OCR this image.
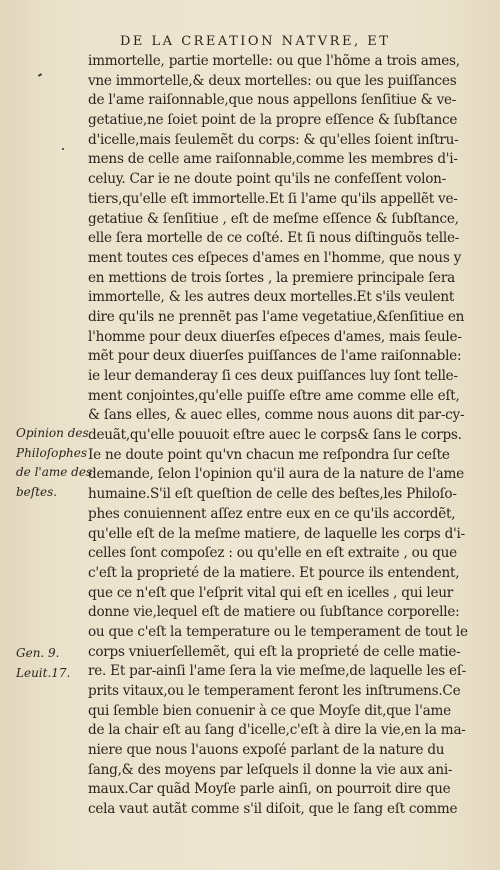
DE LA CREATION NATVRE, ET
immortelle, partie mortelle: ou que l'hõme a trois ames,
vne immortelle,& deux mortelles: ou que les puiſſances
de l'ame raiſonnable,que nous appellons ſenſitiue & ve-
getatiue,ne ſoiet point de la propre eſſence & ſubſtance
d'icelle,mais ſeulemẽt du corps: & qu'elles ſoient inſtru-
mens de celle ame raiſonnable,comme les membres d'i-
celuy. Car ie ne doute point qu'ils ne confeſſent volon-
tiers,qu'elle eſt immortelle.Et ſi l'ame qu'ils appellẽt ve-
getatiue & ſenſitiue , eſt de meſme eſſence & ſubſtance,
elle ſera mortelle de ce coſté. Et ſi nous diſtinguõs telle-
ment toutes ces eſpeces d'ames en l'homme, que nous y
en mettions de trois ſortes , la premiere principale ſera
immortelle, & les autres deux mortelles.Et s'ils veulent
dire qu'ils ne prennẽt pas l'ame vegetatiue,&ſenſitiue en
l'homme pour deux diuerſes eſpeces d'ames, mais ſeule-
mẽt pour deux diuerſes puiſſances de l'ame raiſonnable:
ie leur demanderay ſi ces deux puiſſances luy ſont telle-
ment conjointes,qu'elle puiſſe eſtre ame comme elle eſt,
& ſans elles, & auec elles, comme nous auons dit par-cy-
deuãt,qu'elle pouuoit eſtre auec le corps& ſans le corps.
Ie ne doute point qu'vn chacun me reſpondra ſur ceſte
demande, ſelon l'opinion qu'il aura de la nature de l'ame
humaine.S'il eſt queſtion de celle des beſtes,les Philoſo-
phes conuiennent aſſez entre eux en ce qu'ils accordẽt,
qu'elle eſt de la meſme matiere, de laquelle les corps d'i-
celles ſont compoſez : ou qu'elle en eſt extraite , ou que
c'eſt la proprieté de la matiere. Et pource ils entendent,
que ce n'eſt que l'eſprit vital qui eſt en icelles , qui leur
donne vie,lequel eſt de matiere ou ſubſtance corporelle:
ou que c'eſt la temperature ou le temperament de tout le
corps vniuerſellemẽt, qui eſt la proprieté de celle matie-
re. Et par-ainſi l'ame ſera la vie meſme,de laquelle les eſ-
prits vitaux,ou le temperament feront les inſtrumens.Ce
qui ſemble bien conuenir à ce que Moyſe dit,que l'ame
de la chair eſt au ſang d'icelle,c'eſt à dire la vie,en la ma-
niere que nous l'auons expoſé parlant de la nature du
ſang,& des moyens par leſquels il donne la vie aux ani-
maux.Car quãd Moyſe parle ainſi, on pourroit dire que
cela vaut autãt comme s'il diſoit, que le ſang eſt comme
Opinion des
Philoſophes
de l'ame des
beſtes.
Gen. 9.
Leuit.17.
